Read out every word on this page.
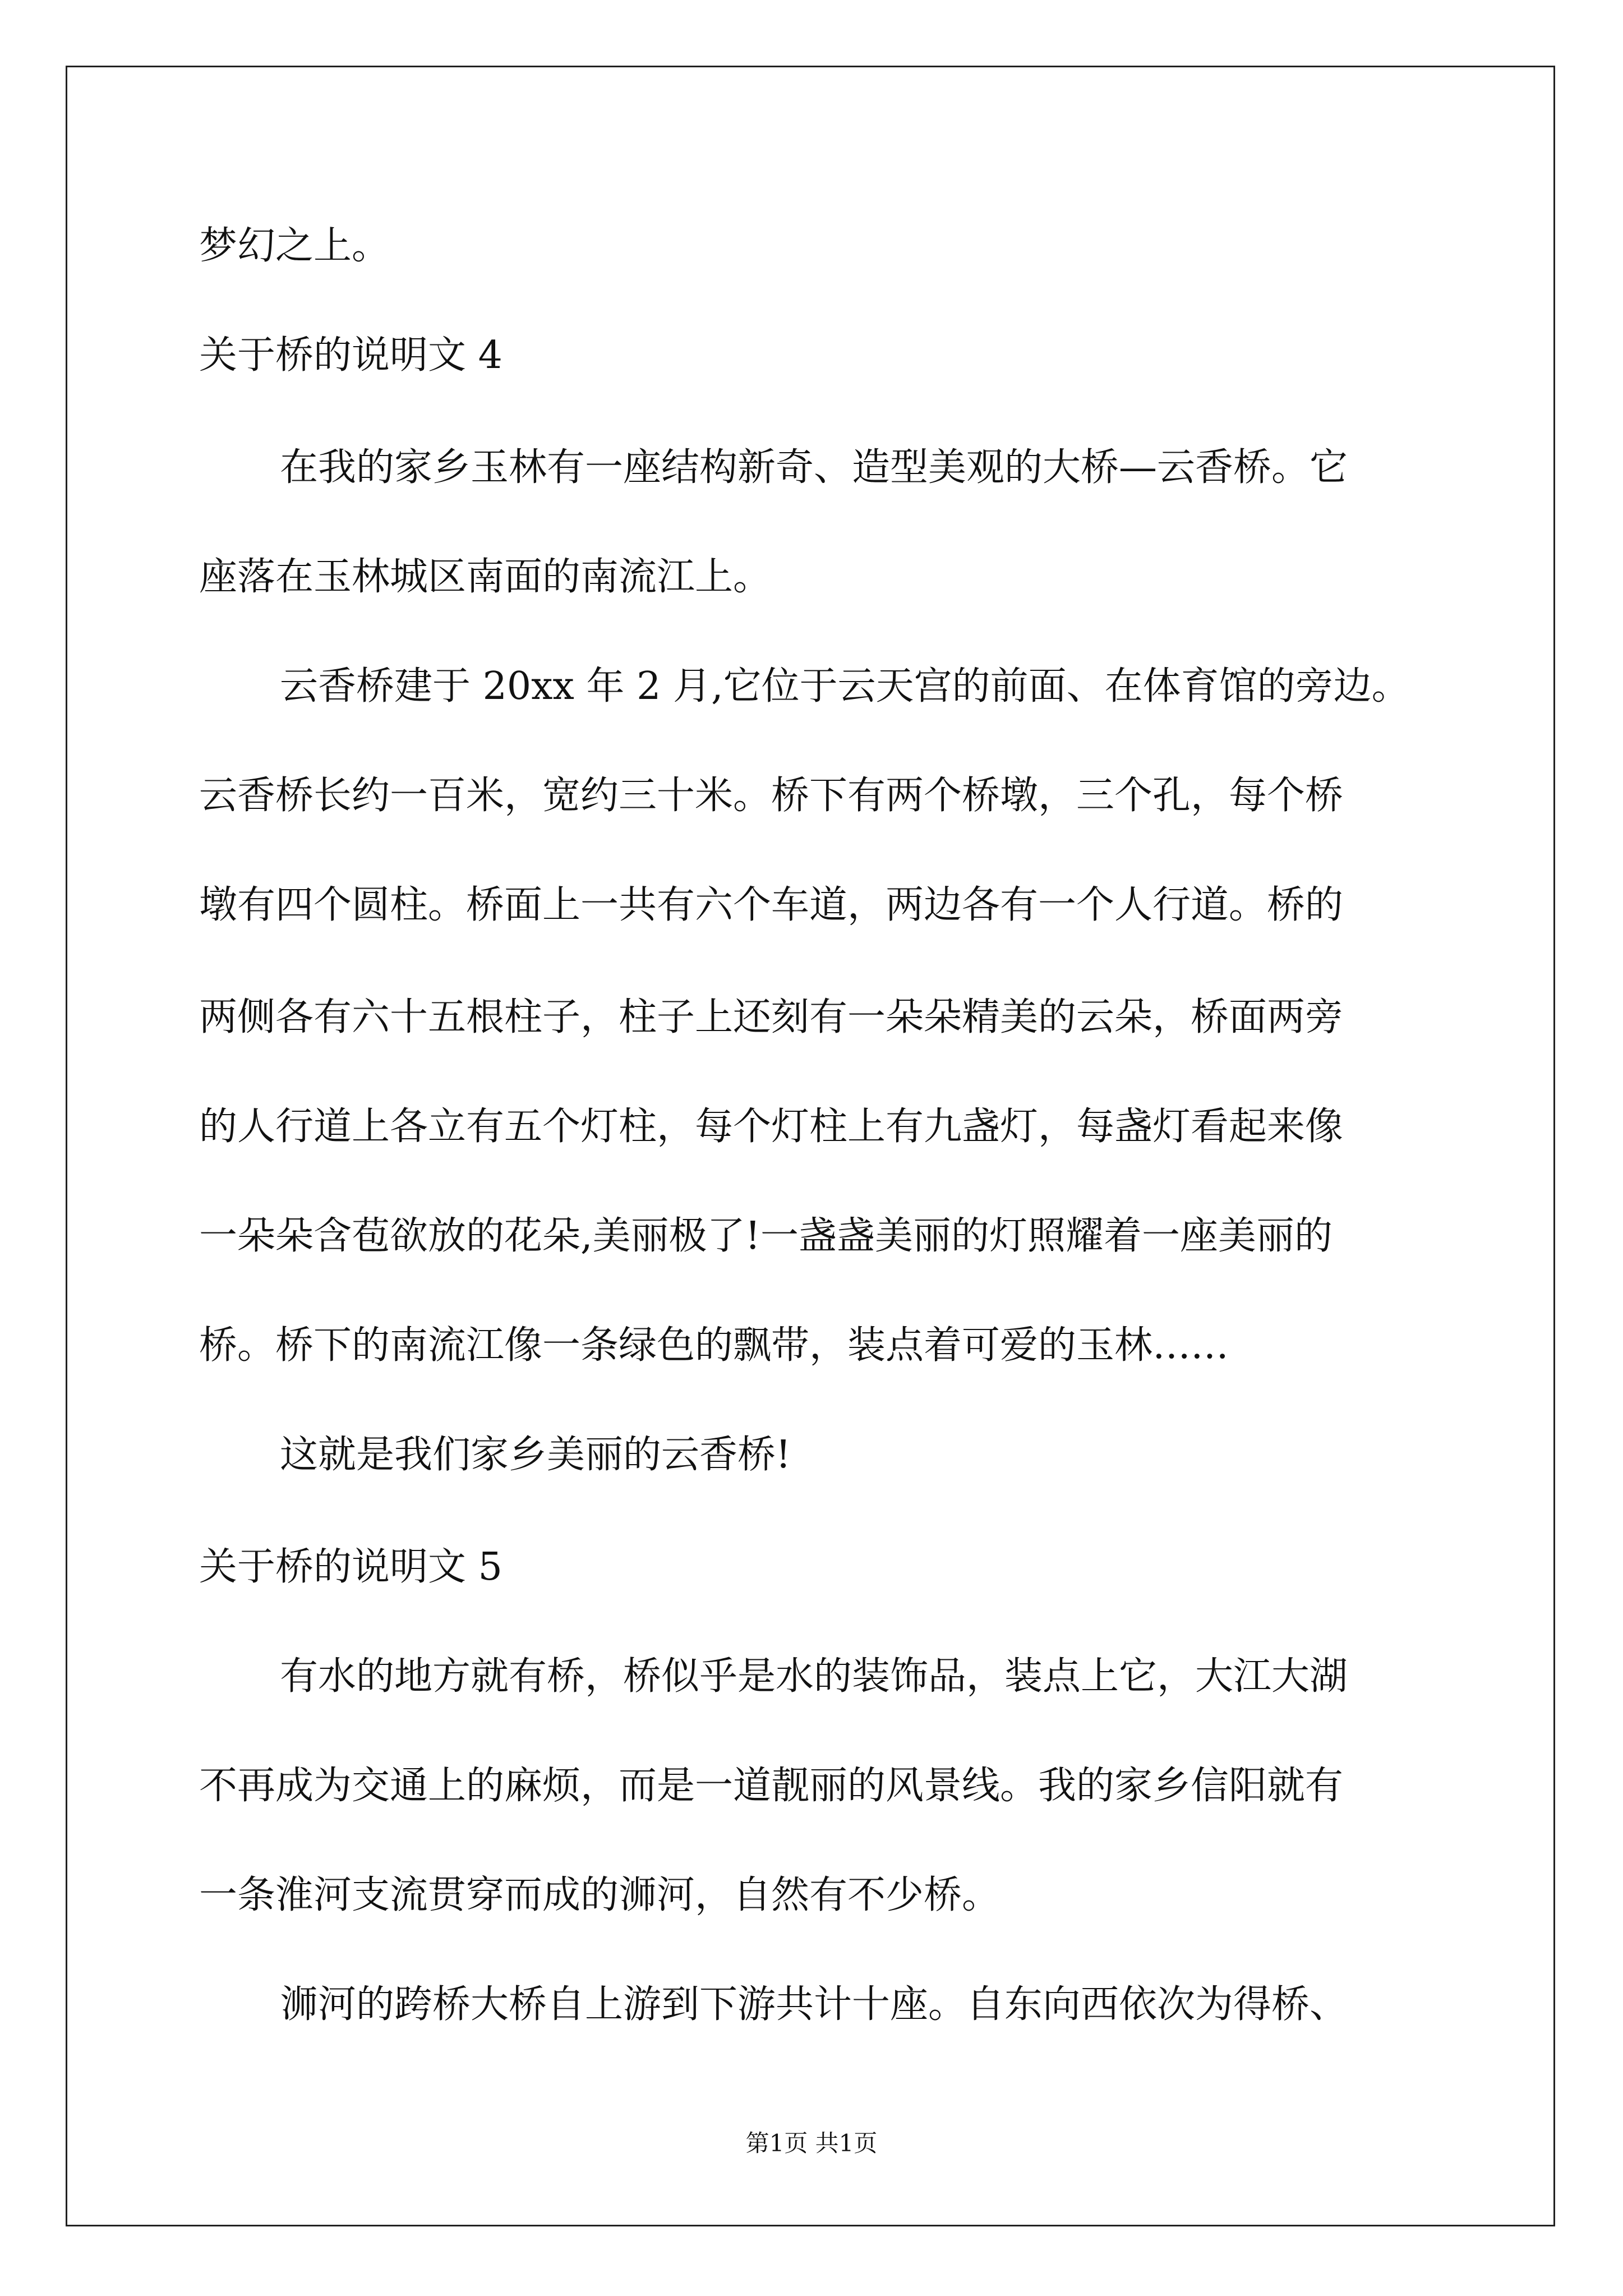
梦幻之上。
关于桥的说明文 4
在我的家乡玉林有一座结构新奇、造型美观的大桥—云香桥。它
座落在玉林城区南面的南流江上。
云香桥建于 20xx 年 2 月,它位于云天宫的前面、在体育馆的旁边。
云香桥长约一百米，宽约三十米。桥下有两个桥墩，三个孔，每个桥
墩有四个圆柱。桥面上一共有六个车道，两边各有一个人行道。桥的
两侧各有六十五根柱子，柱子上还刻有一朵朵精美的云朵，桥面两旁
的人行道上各立有五个灯柱，每个灯柱上有九盏灯，每盏灯看起来像
一朵朵含苞欲放的花朵,美丽极了!一盏盏美丽的灯照耀着一座美丽的
桥。桥下的南流江像一条绿色的飘带，装点着可爱的玉林……
这就是我们家乡美丽的云香桥!
关于桥的说明文 5
有水的地方就有桥，桥似乎是水的装饰品，装点上它，大江大湖
不再成为交通上的麻烦，而是一道靓丽的风景线。我的家乡信阳就有
一条淮河支流贯穿而成的浉河，自然有不少桥。
浉河的跨桥大桥自上游到下游共计十座。自东向西依次为得桥、
第1页 共1页
